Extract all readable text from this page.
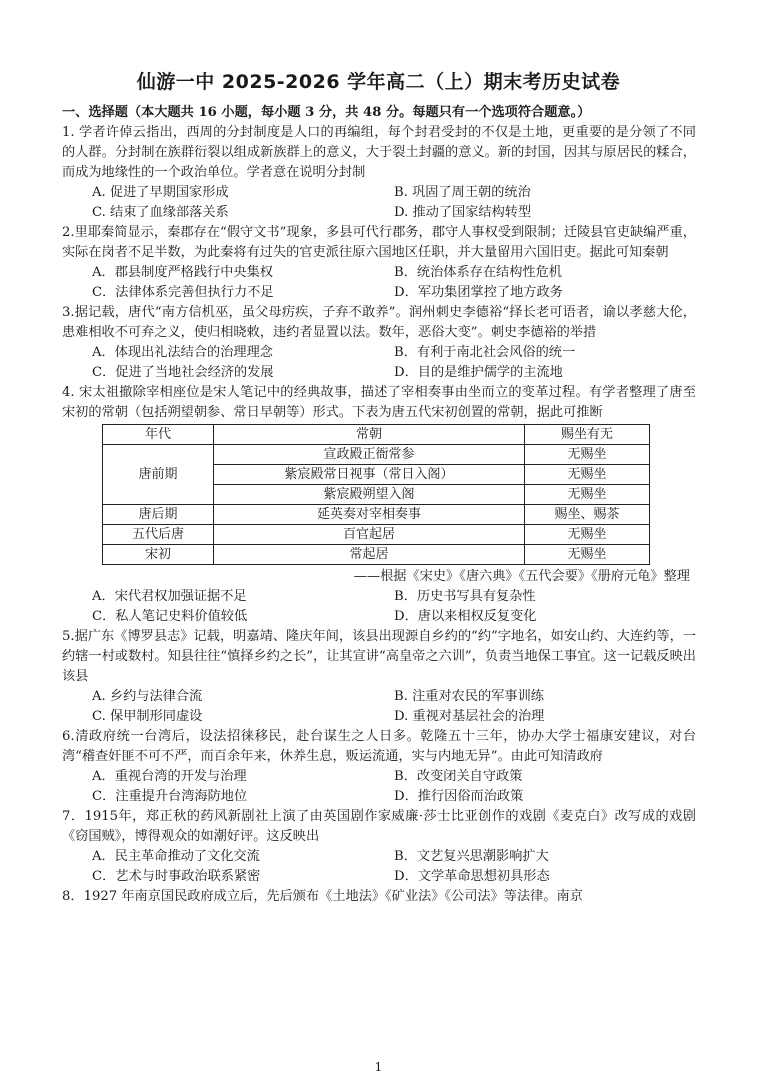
仙游一中 2025-2026 学年高二（上）期末考历史试卷
一、选择题（本大题共 16 小题，每小题 3 分，共 48 分。每题只有一个选项符合题意。）
1. 学者许倬云指出，西周的分封制度是人口的再编组，每个封君受封的不仅是土地，更重要的是分领了不同的人群。分封制在族群衍裂以组成新族群上的意义，大于裂土封疆的意义。新的封国，因其与原居民的糅合，而成为地缘性的一个政治单位。学者意在说明分封制
A. 促进了早期国家形成	B. 巩固了周王朝的统治
C. 结束了血缘部落关系	D. 推动了国家结构转型
2.里耶秦简显示，秦郡存在“假守文书”现象，多县可代行郡务，郡守人事权受到限制；迁陵县官吏缺编严重，实际在岗者不足半数，为此秦将有过失的官吏派往原六国地区任职，并大量留用六国旧吏。据此可知秦朝
A．郡县制度严格践行中央集权	B．统治体系存在结构性危机
C．法律体系完善但执行力不足	D．军功集团掌控了地方政务
3.据记载，唐代“南方信机巫，虽父母疠疾，子弃不敢养”。润州刺史李德裕“择长老可语者，谕以孝慈大伦，患难相收不可弃之义，使归相晓敕，违约者显置以法。数年，恶俗大变”。刺史李德裕的举措
A．体现出礼法结合的治理理念	B．有利于南北社会风俗的统一
C．促进了当地社会经济的发展	D．目的是维护儒学的主流地
4. 宋太祖撤除宰相座位是宋人笔记中的经典故事，描述了宰相奏事由坐而立的变革过程。有学者整理了唐至宋初的常朝（包括朔望朝参、常日早朝等）形式。下表为唐五代宋初创置的常朝，据此可推断
年代	常朝	赐坐有无
唐前期	宣政殿正衙常参	无赐坐
	紫宸殿常日视事（常日入阁）	无赐坐
	紫宸殿朔望入阁	无赐坐
唐后期	延英奏对宰相奏事	赐坐、赐茶
五代后唐	百官起居	无赐坐
宋初	常起居	无赐坐
——根据《宋史》《唐六典》《五代会要》《册府元龟》整理
A．宋代君权加强证据不足	B．历史书写具有复杂性
C．私人笔记史料价值较低	D．唐以来相权反复变化
5.据广东《博罗县志》记载，明嘉靖、隆庆年间，该县出现源自乡约的“约”字地名，如安山约、大连约等，一约辖一村或数村。知县往往“慎择乡约之长”，让其宣讲“高皇帝之六训”，负责当地保工事宜。这一记载反映出该县
A. 乡约与法律合流	B. 注重对农民的军事训练
C. 保甲制形同虚设	D. 重视对基层社会的治理
6.清政府统一台湾后，设法招徕移民，赴台谋生之人日多。乾隆五十三年，协办大学士福康安建议，对台湾“稽查奸匪不可不严，而百余年来，休养生息，贩运流通，实与内地无异”。由此可知清政府
A．重视台湾的开发与治理	B．改变闭关自守政策
C．注重提升台湾海防地位	D．推行因俗而治政策
7．1915年，郑正秋的药风新剧社上演了由英国剧作家威廉·莎士比亚创作的戏剧《麦克白》改写成的戏剧《窃国贼》，博得观众的如潮好评。这反映出
A．民主革命推动了文化交流	B．文艺复兴思潮影响扩大
C．艺术与时事政治联系紧密	D．文学革命思想初具形态
8．1927 年南京国民政府成立后，先后颁布《土地法》《矿业法》《公司法》等法律。南京
1
